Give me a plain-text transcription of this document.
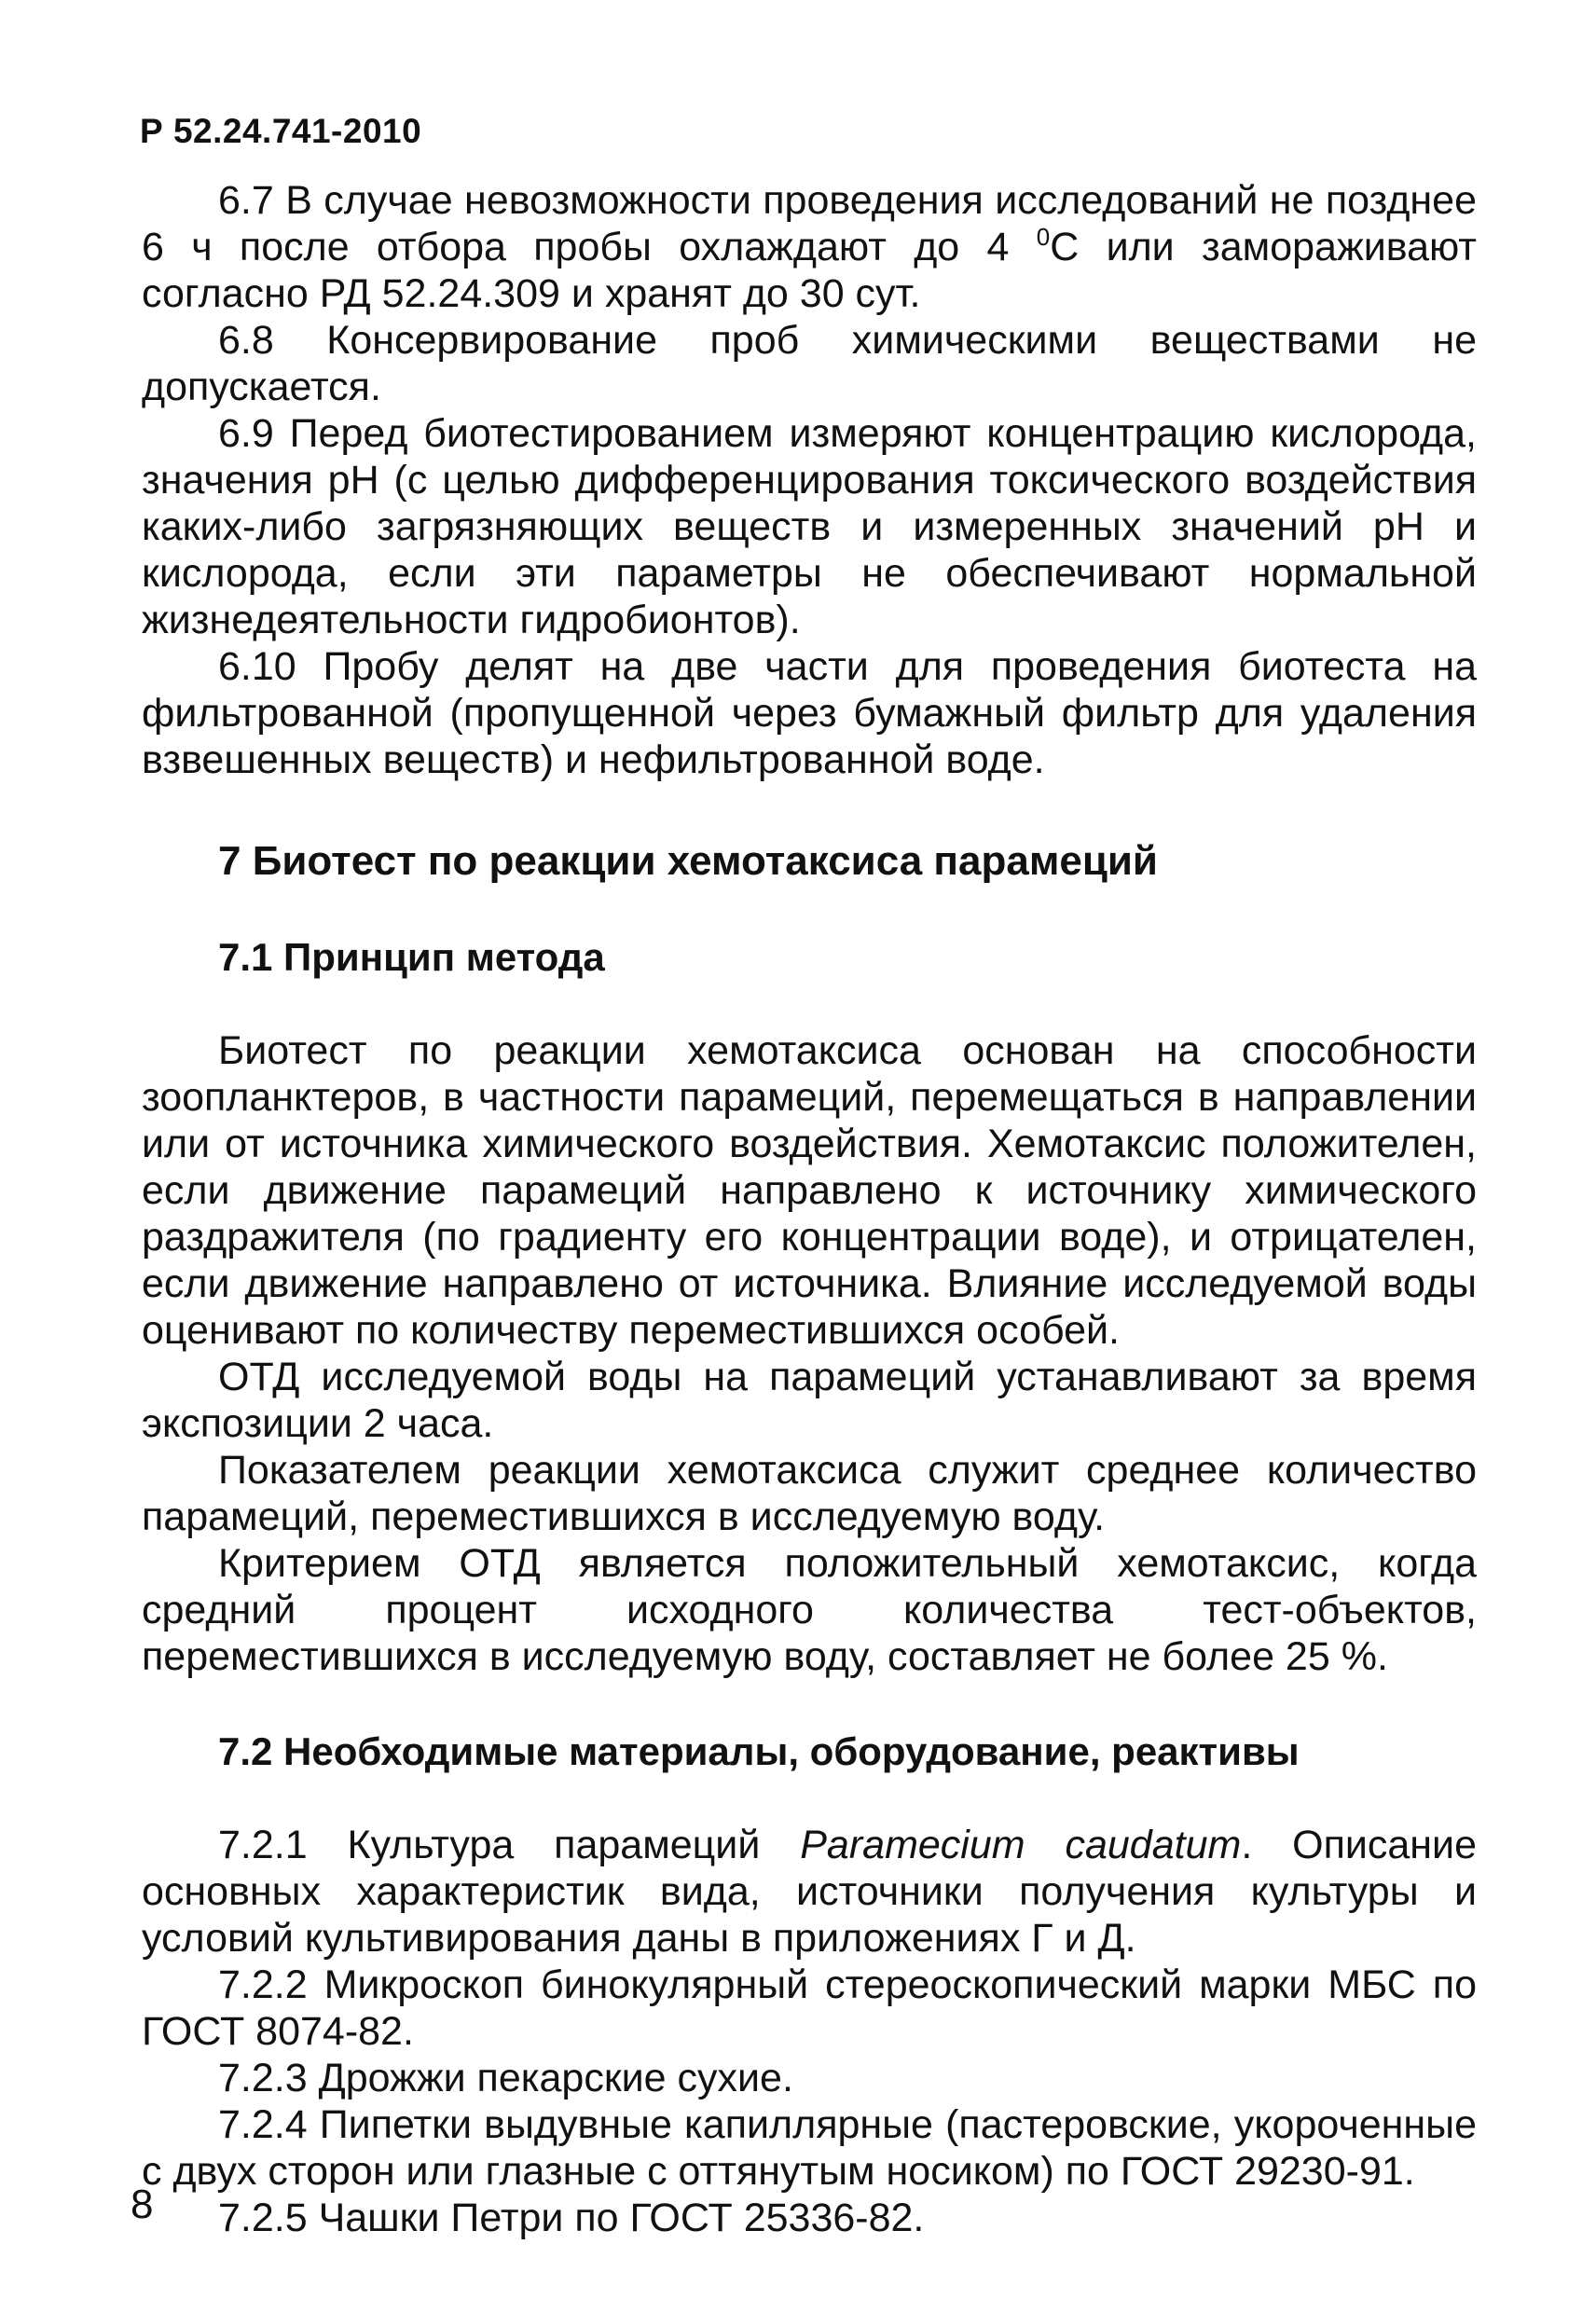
Р 52.24.741-2010

6.7 В случае невозможности проведения исследований не позднее 6 ч после отбора пробы охлаждают до 4 $^0$С или замораживают согласно РД 52.24.309 и хранят до 30 сут.

6.8 Консервирование проб химическими веществами не допускается.

6.9 Перед биотестированием измеряют концентрацию кислорода, значения рН (с целью дифференцирования токсического воздействия каких-либо загрязняющих веществ и измеренных значений рН и кислорода, если эти параметры не обеспечивают нормальной жизнедеятельности гидробионтов).

6.10 Пробу делят на две части для проведения биотеста на фильтрованной (пропущенной через бумажный фильтр для удаления взвешенных веществ) и нефильтрованной воде.

7 Биотест по реакции хемотаксиса парамеций
7.1 Принцип метода

Биотест по реакции хемотаксиса основан на способности зоопланктеров, в частности парамеций, перемещаться в направлении или от источника химического воздействия. Хемотаксис положителен, если движение парамеций направлено к источнику химического раздражителя (по градиенту его концентрации воде), и отрицателен, если движение направлено от источника. Влияние исследуемой воды оценивают по количеству переместившихся особей.

ОТД исследуемой воды на парамеций устанавливают за время экспозиции 2 часа.

Показателем реакции хемотаксиса служит среднее количество парамеций, переместившихся в исследуемую воду.

Критерием ОТД является положительный хемотаксис, когда средний процент исходного количества тест-объектов, переместившихся в исследуемую воду, составляет не более 25 %.

7.2 Необходимые материалы, оборудование, реактивы

7.2.1 Культура парамеций Paramecium caudatum. Описание основных характеристик вида, источники получения культуры и условий культивирования даны в приложениях Г и Д.

7.2.2 Микроскоп бинокулярный стереоскопический марки МБС по ГОСТ 8074-82.

7.2.3 Дрожжи пекарские сухие.

7.2.4 Пипетки выдувные капиллярные (пастеровские, укороченные с двух сторон или глазные с оттянутым носиком) по ГОСТ 29230-91.

7.2.5 Чашки Петри по ГОСТ 25336-82.

8
